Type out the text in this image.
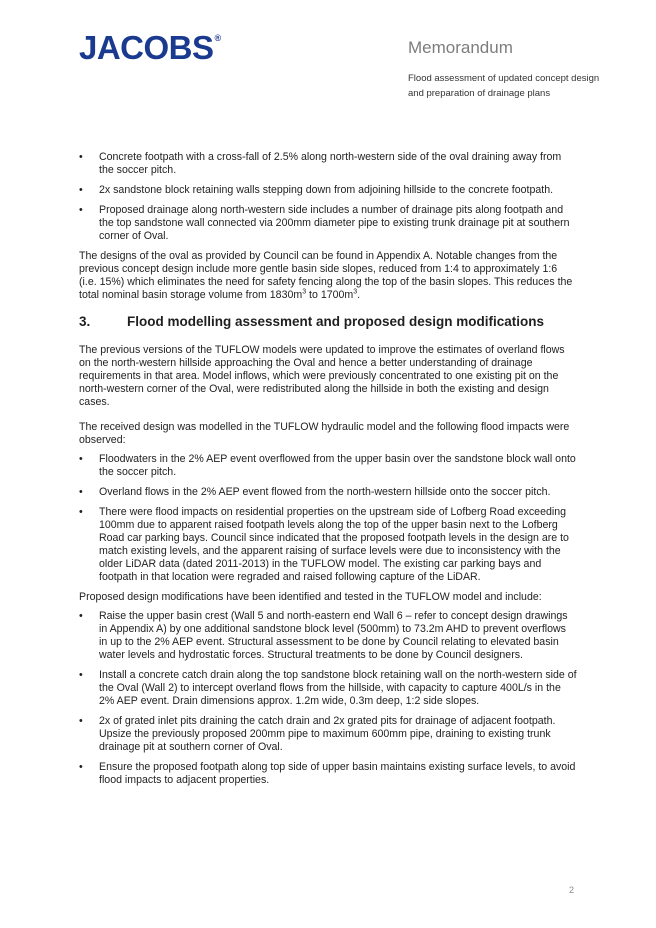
JACOBS®	Memorandum
Flood assessment of updated concept design and preparation of drainage plans
• Concrete footpath with a cross-fall of 2.5% along north-western side of the oval draining away from the soccer pitch.
• 2x sandstone block retaining walls stepping down from adjoining hillside to the concrete footpath.
• Proposed drainage along north-western side includes a number of drainage pits along footpath and the top sandstone wall connected via 200mm diameter pipe to existing trunk drainage pit at southern corner of Oval.

The designs of the oval as provided by Council can be found in Appendix A. Notable changes from the previous concept design include more gentle basin side slopes, reduced from 1:4 to approximately 1:6 (i.e. 15%) which eliminates the need for safety fencing along the top of the basin slopes. This reduces the total nominal basin storage volume from $1830m^3$ to $1700m^3$.

3.	Flood modelling assessment and proposed design modifications

The previous versions of the TUFLOW models were updated to improve the estimates of overland flows on the north-western hillside approaching the Oval and hence a better understanding of drainage requirements in that area. Model inflows, which were previously concentrated to one existing pit on the north-western corner of the Oval, were redistributed along the hillside in both the existing and design cases.

The received design was modelled in the TUFLOW hydraulic model and the following flood impacts were observed:

• Floodwaters in the 2% AEP event overflowed from the upper basin over the sandstone block wall onto the soccer pitch.
• Overland flows in the 2% AEP event flowed from the north-western hillside onto the soccer pitch.
• There were flood impacts on residential properties on the upstream side of Lofberg Road exceeding 100mm due to apparent raised footpath levels along the top of the upper basin next to the Lofberg Road car parking bays. Council since indicated that the proposed footpath levels in the design are to match existing levels, and the apparent raising of surface levels were due to inconsistency with the older LiDAR data (dated 2011-2013) in the TUFLOW model. The existing car parking bays and footpath in that location were regraded and raised following capture of the LiDAR.

Proposed design modifications have been identified and tested in the TUFLOW model and include:

• Raise the upper basin crest (Wall 5 and north-eastern end Wall 6 – refer to concept design drawings in Appendix A) by one additional sandstone block level (500mm) to 73.2m AHD to prevent overflows in up to the 2% AEP event. Structural assessment to be done by Council relating to elevated basin water levels and hydrostatic forces. Structural treatments to be done by Council designers.
• Install a concrete catch drain along the top sandstone block retaining wall on the north-western side of the Oval (Wall 2) to intercept overland flows from the hillside, with capacity to capture 400L/s in the 2% AEP event. Drain dimensions approx. 1.2m wide, 0.3m deep, 1:2 side slopes.
• 2x of grated inlet pits draining the catch drain and 2x grated pits for drainage of adjacent footpath. Upsize the previously proposed 200mm pipe to maximum 600mm pipe, draining to existing trunk drainage pit at southern corner of Oval.
• Ensure the proposed footpath along top side of upper basin maintains existing surface levels, to avoid flood impacts to adjacent properties.
2
